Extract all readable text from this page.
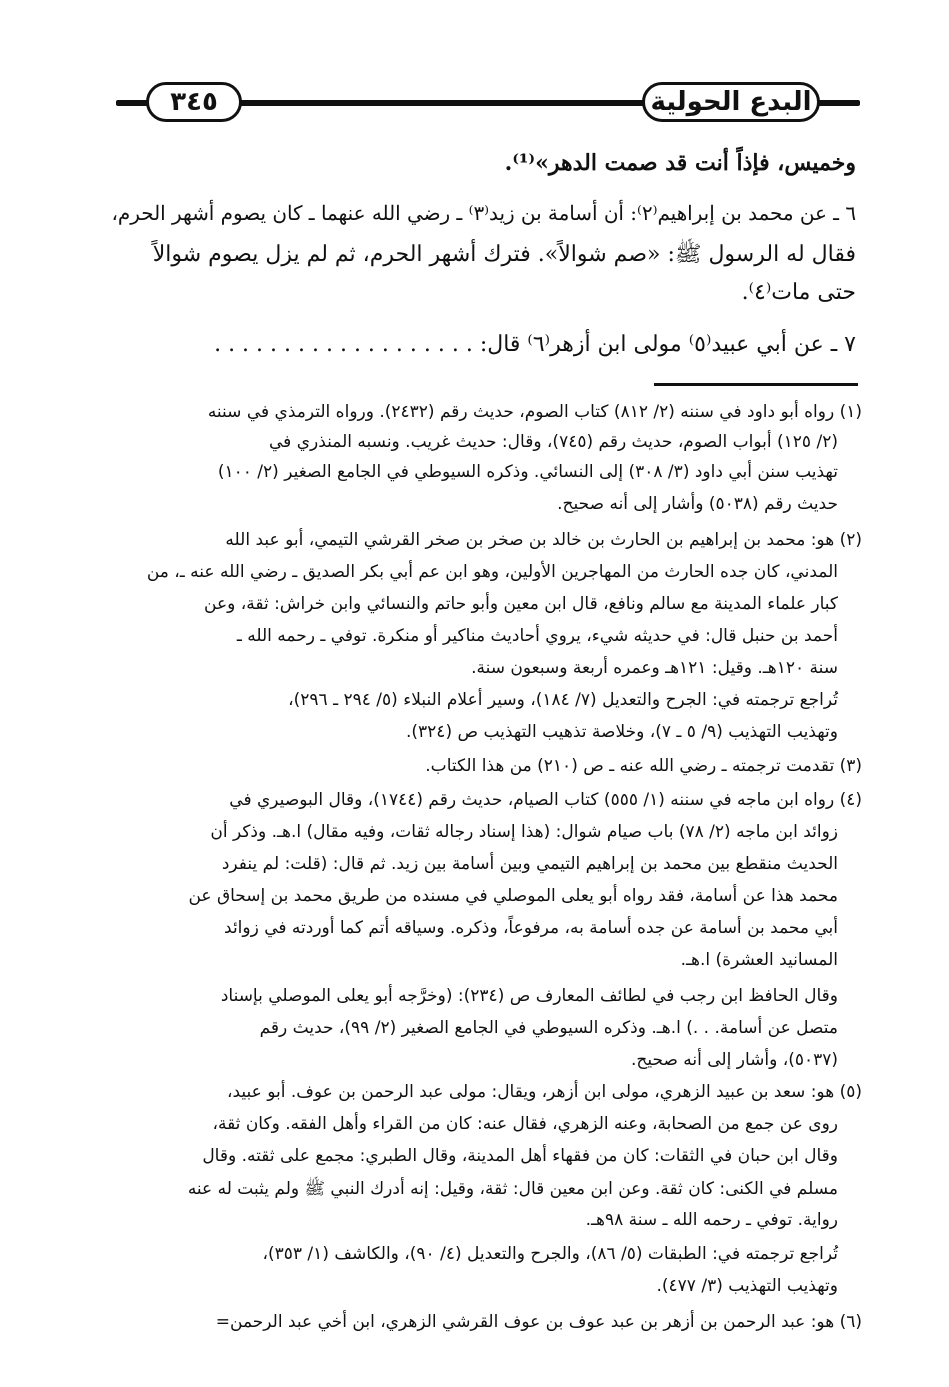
٣٤٥	البدع الحولية
وخميس، فإذاً أنت قد صمت الدهر»⁽¹⁾.
٦ ـ عن محمد بن إبراهيم⁽٢⁾: أن أسامة بن زيد⁽٣⁾ ـ رضي الله عنهما ـ كان يصوم أشهر الحرم،
فقال له الرسول ﷺ: «صم شوالاً». فترك أشهر الحرم، ثم لم يزل يصوم شوالاً
حتى مات⁽٤⁾.
٧ ـ عن أبي عبيد⁽٥⁾ مولى ابن أزهر⁽٦⁾ قال: . . . . . . . . . . . . . . . . . . .
(١) رواه أبو داود في سننه (٢/ ٨١٢) كتاب الصوم، حديث رقم (٢٤٣٢). ورواه الترمذي في سننه
(٢/ ١٢٥) أبواب الصوم، حديث رقم (٧٤٥)، وقال: حديث غريب. ونسبه المنذري في
تهذيب سنن أبي داود (٣/ ٣٠٨) إلى النسائي. وذكره السيوطي في الجامع الصغير (٢/ ١٠٠)
حديث رقم (٥٠٣٨) وأشار إلى أنه صحيح.
(٢) هو: محمد بن إبراهيم بن الحارث بن خالد بن صخر بن صخر القرشي التيمي، أبو عبد الله
المدني، كان جده الحارث من المهاجرين الأولين، وهو ابن عم أبي بكر الصديق ـ رضي الله عنه ـ، من
كبار علماء المدينة مع سالم ونافع، قال ابن معين وأبو حاتم والنسائي وابن خراش: ثقة، وعن
أحمد بن حنبل قال: في حديثه شيء، يروي أحاديث مناكير أو منكرة. توفي ـ رحمه الله ـ
سنة ١٢٠هـ. وقيل: ١٢١هـ وعمره أربعة وسبعون سنة.
تُراجع ترجمته في: الجرح والتعديل (٧/ ١٨٤)، وسير أعلام النبلاء (٥/ ٢٩٤ ـ ٢٩٦)،
وتهذيب التهذيب (٩/ ٥ ـ ٧)، وخلاصة تذهيب التهذيب ص (٣٢٤).
(٣) تقدمت ترجمته ـ رضي الله عنه ـ ص (٢١٠) من هذا الكتاب.
(٤) رواه ابن ماجه في سننه (١/ ٥٥٥) كتاب الصيام، حديث رقم (١٧٤٤)، وقال البوصيري في
زوائد ابن ماجه (٢/ ٧٨) باب صيام شوال: (هذا إسناد رجاله ثقات، وفيه مقال) ا.هـ. وذكر أن
الحديث منقطع بين محمد بن إبراهيم التيمي وبين أسامة بين زيد. ثم قال: (قلت: لم ينفرد
محمد هذا عن أسامة، فقد رواه أبو يعلى الموصلي في مسنده من طريق محمد بن إسحاق عن
أبي محمد بن أسامة عن جده أسامة به، مرفوعاً، وذكره. وسياقه أتم كما أوردته في زوائد
المسانيد العشرة) ا.هـ.
وقال الحافظ ابن رجب في لطائف المعارف ص (٢٣٤): (وخرَّجه أبو يعلى الموصلي بإسناد
متصل عن أسامة. . .) ا.هـ. وذكره السيوطي في الجامع الصغير (٢/ ٩٩)، حديث رقم
(٥٠٣٧)، وأشار إلى أنه صحيح.
(٥) هو: سعد بن عبيد الزهري، مولى ابن أزهر، ويقال: مولى عبد الرحمن بن عوف. أبو عبيد،
روى عن جمع من الصحابة، وعنه الزهري، فقال عنه: كان من القراء وأهل الفقه. وكان ثقة،
وقال ابن حبان في الثقات: كان من فقهاء أهل المدينة، وقال الطبري: مجمع على ثقته. وقال
مسلم في الكنى: كان ثقة. وعن ابن معين قال: ثقة، وقيل: إنه أدرك النبي ﷺ ولم يثبت له عنه
رواية. توفي ـ رحمه الله ـ سنة ٩٨هـ.
تُراجع ترجمته في: الطبقات (٥/ ٨٦)، والجرح والتعديل (٤/ ٩٠)، والكاشف (١/ ٣٥٣)،
وتهذيب التهذيب (٣/ ٤٧٧).
(٦) هو: عبد الرحمن بن أزهر بن عبد عوف بن عوف القرشي الزهري، ابن أخي عبد الرحمن=
